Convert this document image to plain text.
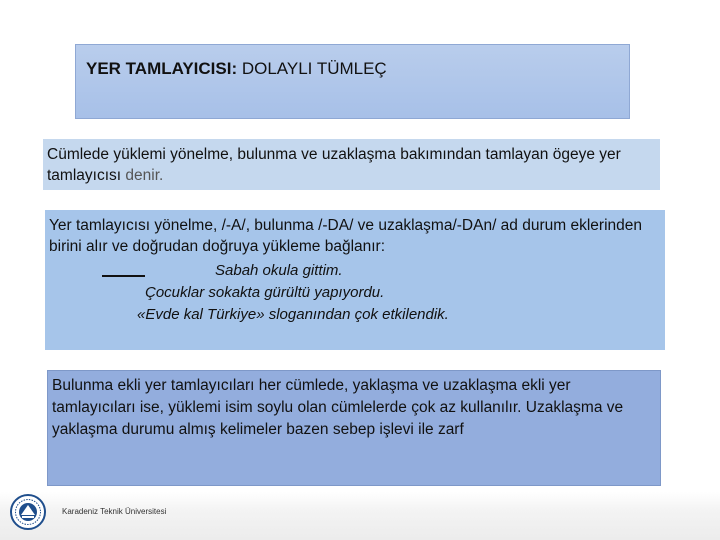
YER TAMLAYICISI: DOLAYLI TÜMLEÇ
Cümlede yüklemi yönelme, bulunma ve uzaklaşma bakımından tamlayan ögeye yer tamlayıcısı denir.
Yer tamlayıcısı yönelme, /-A/, bulunma /-DA/ ve uzaklaşma/-DAn/ ad durum eklerinden birini alır ve doğrudan doğruya yükleme bağlanır:
Sabah okula gittim.
Çocuklar sokakta gürültü yapıyordu.
«Evde kal Türkiye» sloganından çok etkilendik.
Bulunma ekli yer tamlayıcıları her cümlede, yaklaşma ve uzaklaşma ekli yer tamlayıcıları ise, yüklemi isim soylu olan cümlelerde çok az kullanılır. Uzaklaşma ve yaklaşma durumu almış kelimeler bazen sebep işlevi ile zarf
Karadeniz Teknik Üniversitesi
